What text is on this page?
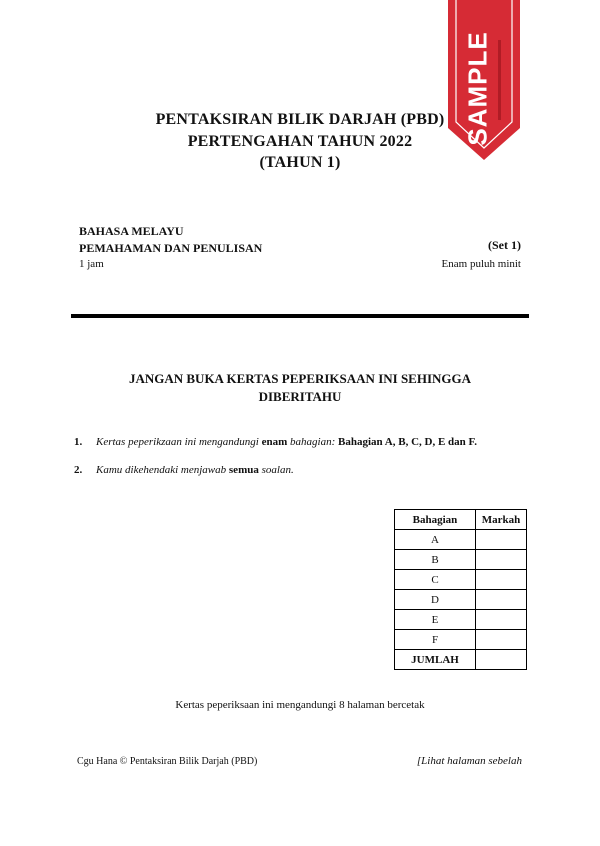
PENTAKSIRAN BILIK DARJAH (PBD)
PERTENGAHAN TAHUN 2022
(TAHUN 1)
SAMPLE
BAHASA MELAYU
PEMAHAMAN DAN PENULISAN	(Set 1)
1 jam	Enam puluh minit
JANGAN BUKA KERTAS PEPERIKSAAN INI SEHINGGA
DIBERITAHU
1. Kertas peperikzaan ini mengandungi enam bahagian: Bahagian A, B, C, D, E dan F.
2. Kamu dikehendaki menjawab semua soalan.
Bahagian	Markah
A	
B	
C	
D	
E	
F	
JUMLAH	
Kertas peperiksaan ini mengandungi 8 halaman bercetak
Cgu Hana © Pentaksiran Bilik Darjah (PBD)	[Lihat halaman sebelah
